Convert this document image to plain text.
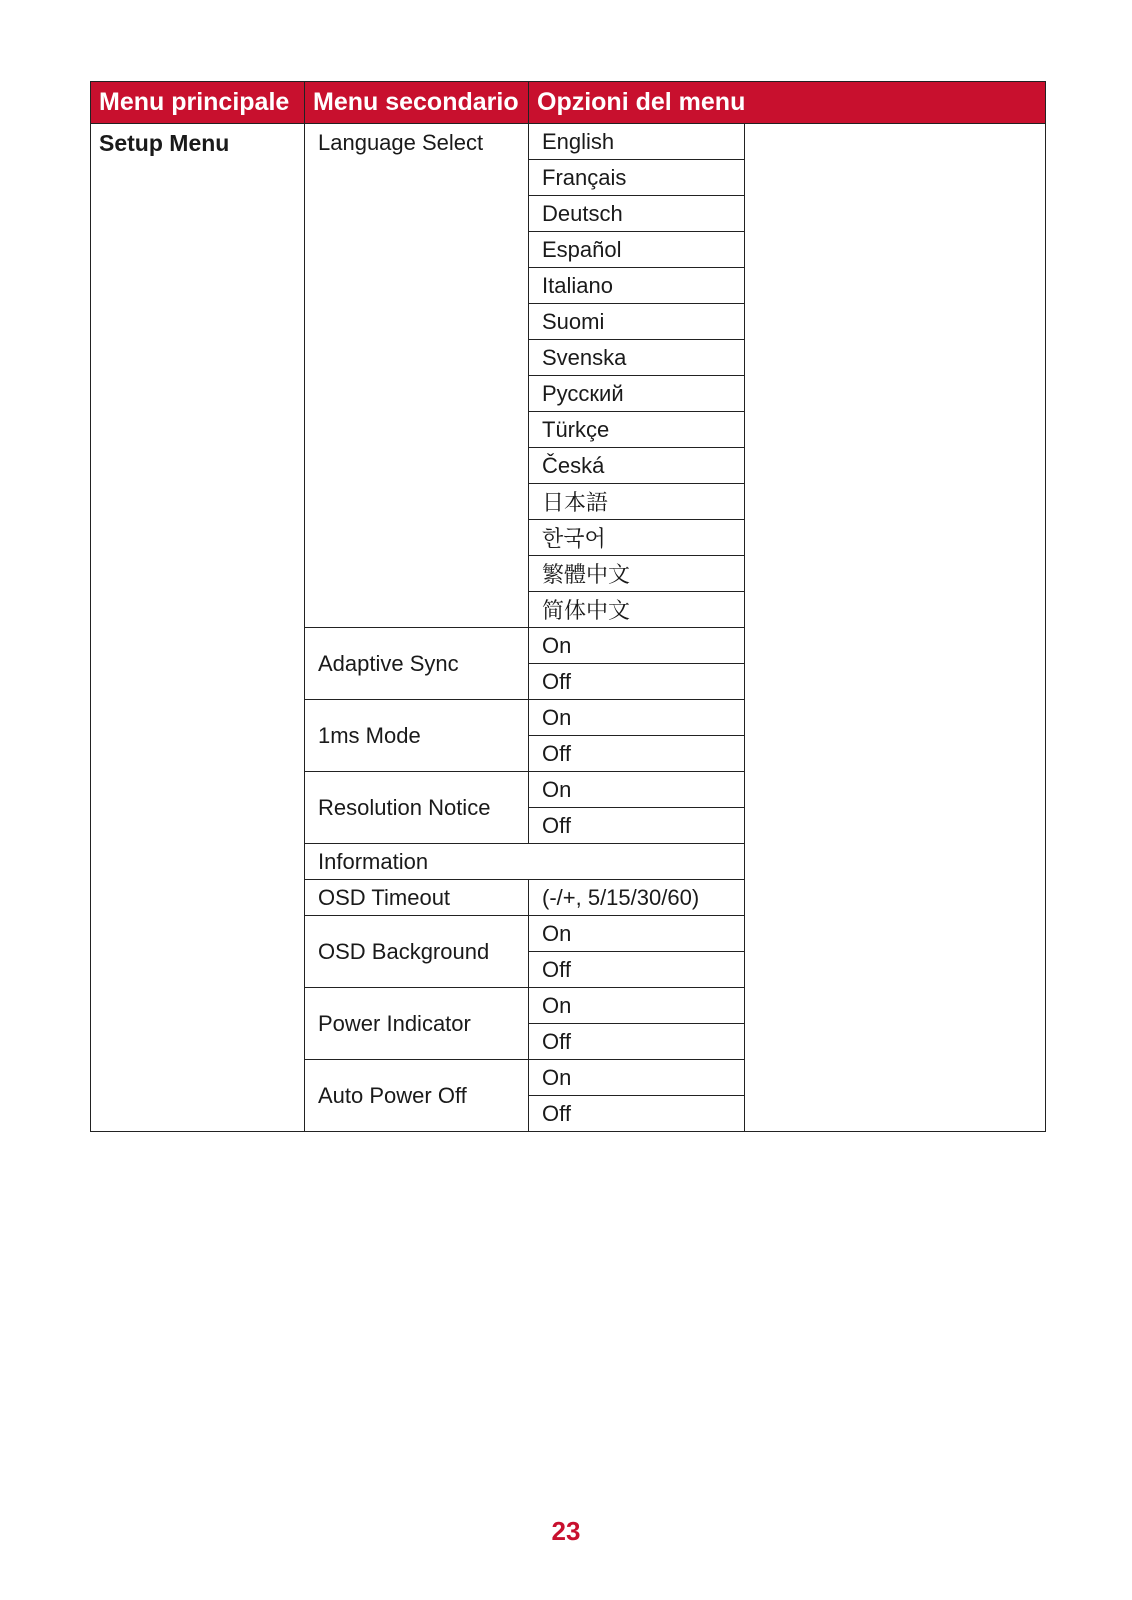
Menu principale	Menu secondario	Opzioni del menu	
Setup Menu	Language Select	English	
		Français	
		Deutsch	
		Español	
		Italiano	
		Suomi	
		Svenska	
		Русский	
		Türkçe	
		Česká	
		日本語	
		한국어	
		繁體中文	
		简体中文	
	Adaptive Sync	On	
		Off	
	1ms Mode	On	
		Off	
	Resolution Notice	On	
		Off	
	Information		
	OSD Timeout	(-/+, 5/15/30/60)	
	OSD Background	On	
		Off	
	Power Indicator	On	
		Off	
	Auto Power Off	On	
		Off	
23
